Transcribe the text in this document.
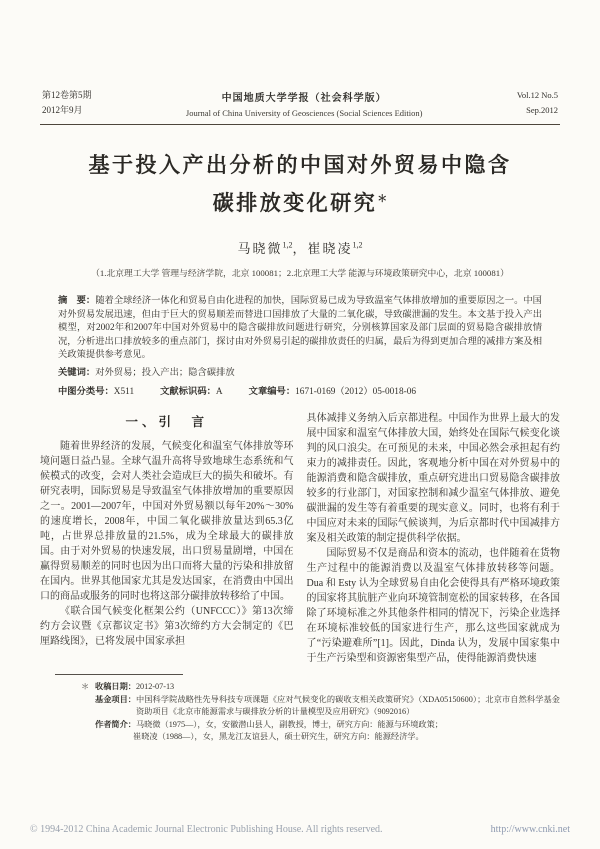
第12卷第5期
2012年9月
中国地质大学学报（社会科学版）
Journal of China University of Geosciences (Social Sciences Edition)
Vol.12 No.5
Sep.2012
基于投入产出分析的中国对外贸易中隐含
碳排放变化研究＊
马晓微$^{1,2}$，崔晓凌$^{1,2}$
（1.北京理工大学 管理与经济学院，北京 100081；2.北京理工大学 能源与环境政策研究中心，北京 100081）
摘　要：随着全球经济一体化和贸易自由化进程的加快，国际贸易已成为导致温室气体排放增加的重要原因之一。中国对外贸易发展迅速，但由于巨大的贸易顺差而替进口国排放了大量的二氧化碳，导致碳泄漏的发生。本文基于投入产出模型，对2002年和2007年中国对外贸易中的隐含碳排放问题进行研究，分别核算国家及部门层面的贸易隐含碳排放情况，分析进出口排放较多的重点部门，探讨由对外贸易引起的碳排放责任的归属，最后为得到更加合理的减排方案及相关政策提供参考意见。
关键词：对外贸易；投入产出；隐含碳排放
中图分类号：X511	文献标识码：A	文章编号：1671-0169（2012）05-0018-06
一、引　言

随着世界经济的发展，气候变化和温室气体排放等环境问题日益凸显。全球气温升高将导致地球生态系统和气候模式的改变，会对人类社会造成巨大的损失和破坏。有研究表明，国际贸易是导致温室气体排放增加的重要原因之一。2001—2007年，中国对外贸易额以每年20%～30%的速度增长，2008年，中国二氧化碳排放量达到65.3亿吨，占世界总排放量的21.5%，成为全球最大的碳排放国。由于对外贸易的快速发展，出口贸易量剧增，中国在赢得贸易顺差的同时也因为出口而将大量的污染和排放留在国内。世界其他国家尤其是发达国家，在消费由中国出口的商品或服务的同时也将这部分碳排放转移给了中国。

《联合国气候变化框架公约（UNFCCC）》第13次缔约方会议暨《京都议定书》第3次缔约方大会制定的《巴厘路线图》，已将发展中国家承担

具体减排义务纳入后京都进程。中国作为世界上最大的发展中国家和温室气体排放大国，始终处在国际气候变化谈判的风口浪尖。在可预见的未来，中国必然会承担起有约束力的减排责任。因此，客观地分析中国在对外贸易中的能源消费和隐含碳排放，重点研究进出口贸易隐含碳排放较多的行业部门，对国家控制和减少温室气体排放、避免碳泄漏的发生等有着重要的现实意义。同时，也将有利于中国应对未来的国际气候谈判，为后京都时代中国减排方案及相关政策的制定提供科学依据。

国际贸易不仅是商品和资本的流动，也伴随着在货物生产过程中的能源消费以及温室气体排放转移等问题。Dua 和 Esty 认为全球贸易自由化会使得具有严格环境政策的国家将其肮脏产业向环境管制宽松的国家转移，在各国除了环境标准之外其他条件相同的情况下，污染企业选择在环境标准较低的国家进行生产，那么这些国家就成为了“污染避难所”[1]。因此，Dinda 认为，发展中国家集中于生产污染型和资源密集型产品，使得能源消费快速

＊ 收稿日期： 2012-07-13
基金项目： 中国科学院战略性先导科技专项课题《应对气候变化的碳收支相关政策研究》（XDA05150600）；北京市自然科学基金资助项目《北京市能源需求与碳排放分析的计量模型及应用研究》（9092016）
作者简介： 马晓微（1975—），女，安徽潜山县人，副教授，博士，研究方向：能源与环境政策；
崔晓凌（1988—），女，黑龙江友谊县人，硕士研究生，研究方向：能源经济学。
© 1994-2012 China Academic Journal Electronic Publishing House. All rights reserved.	http://www.cnki.net
